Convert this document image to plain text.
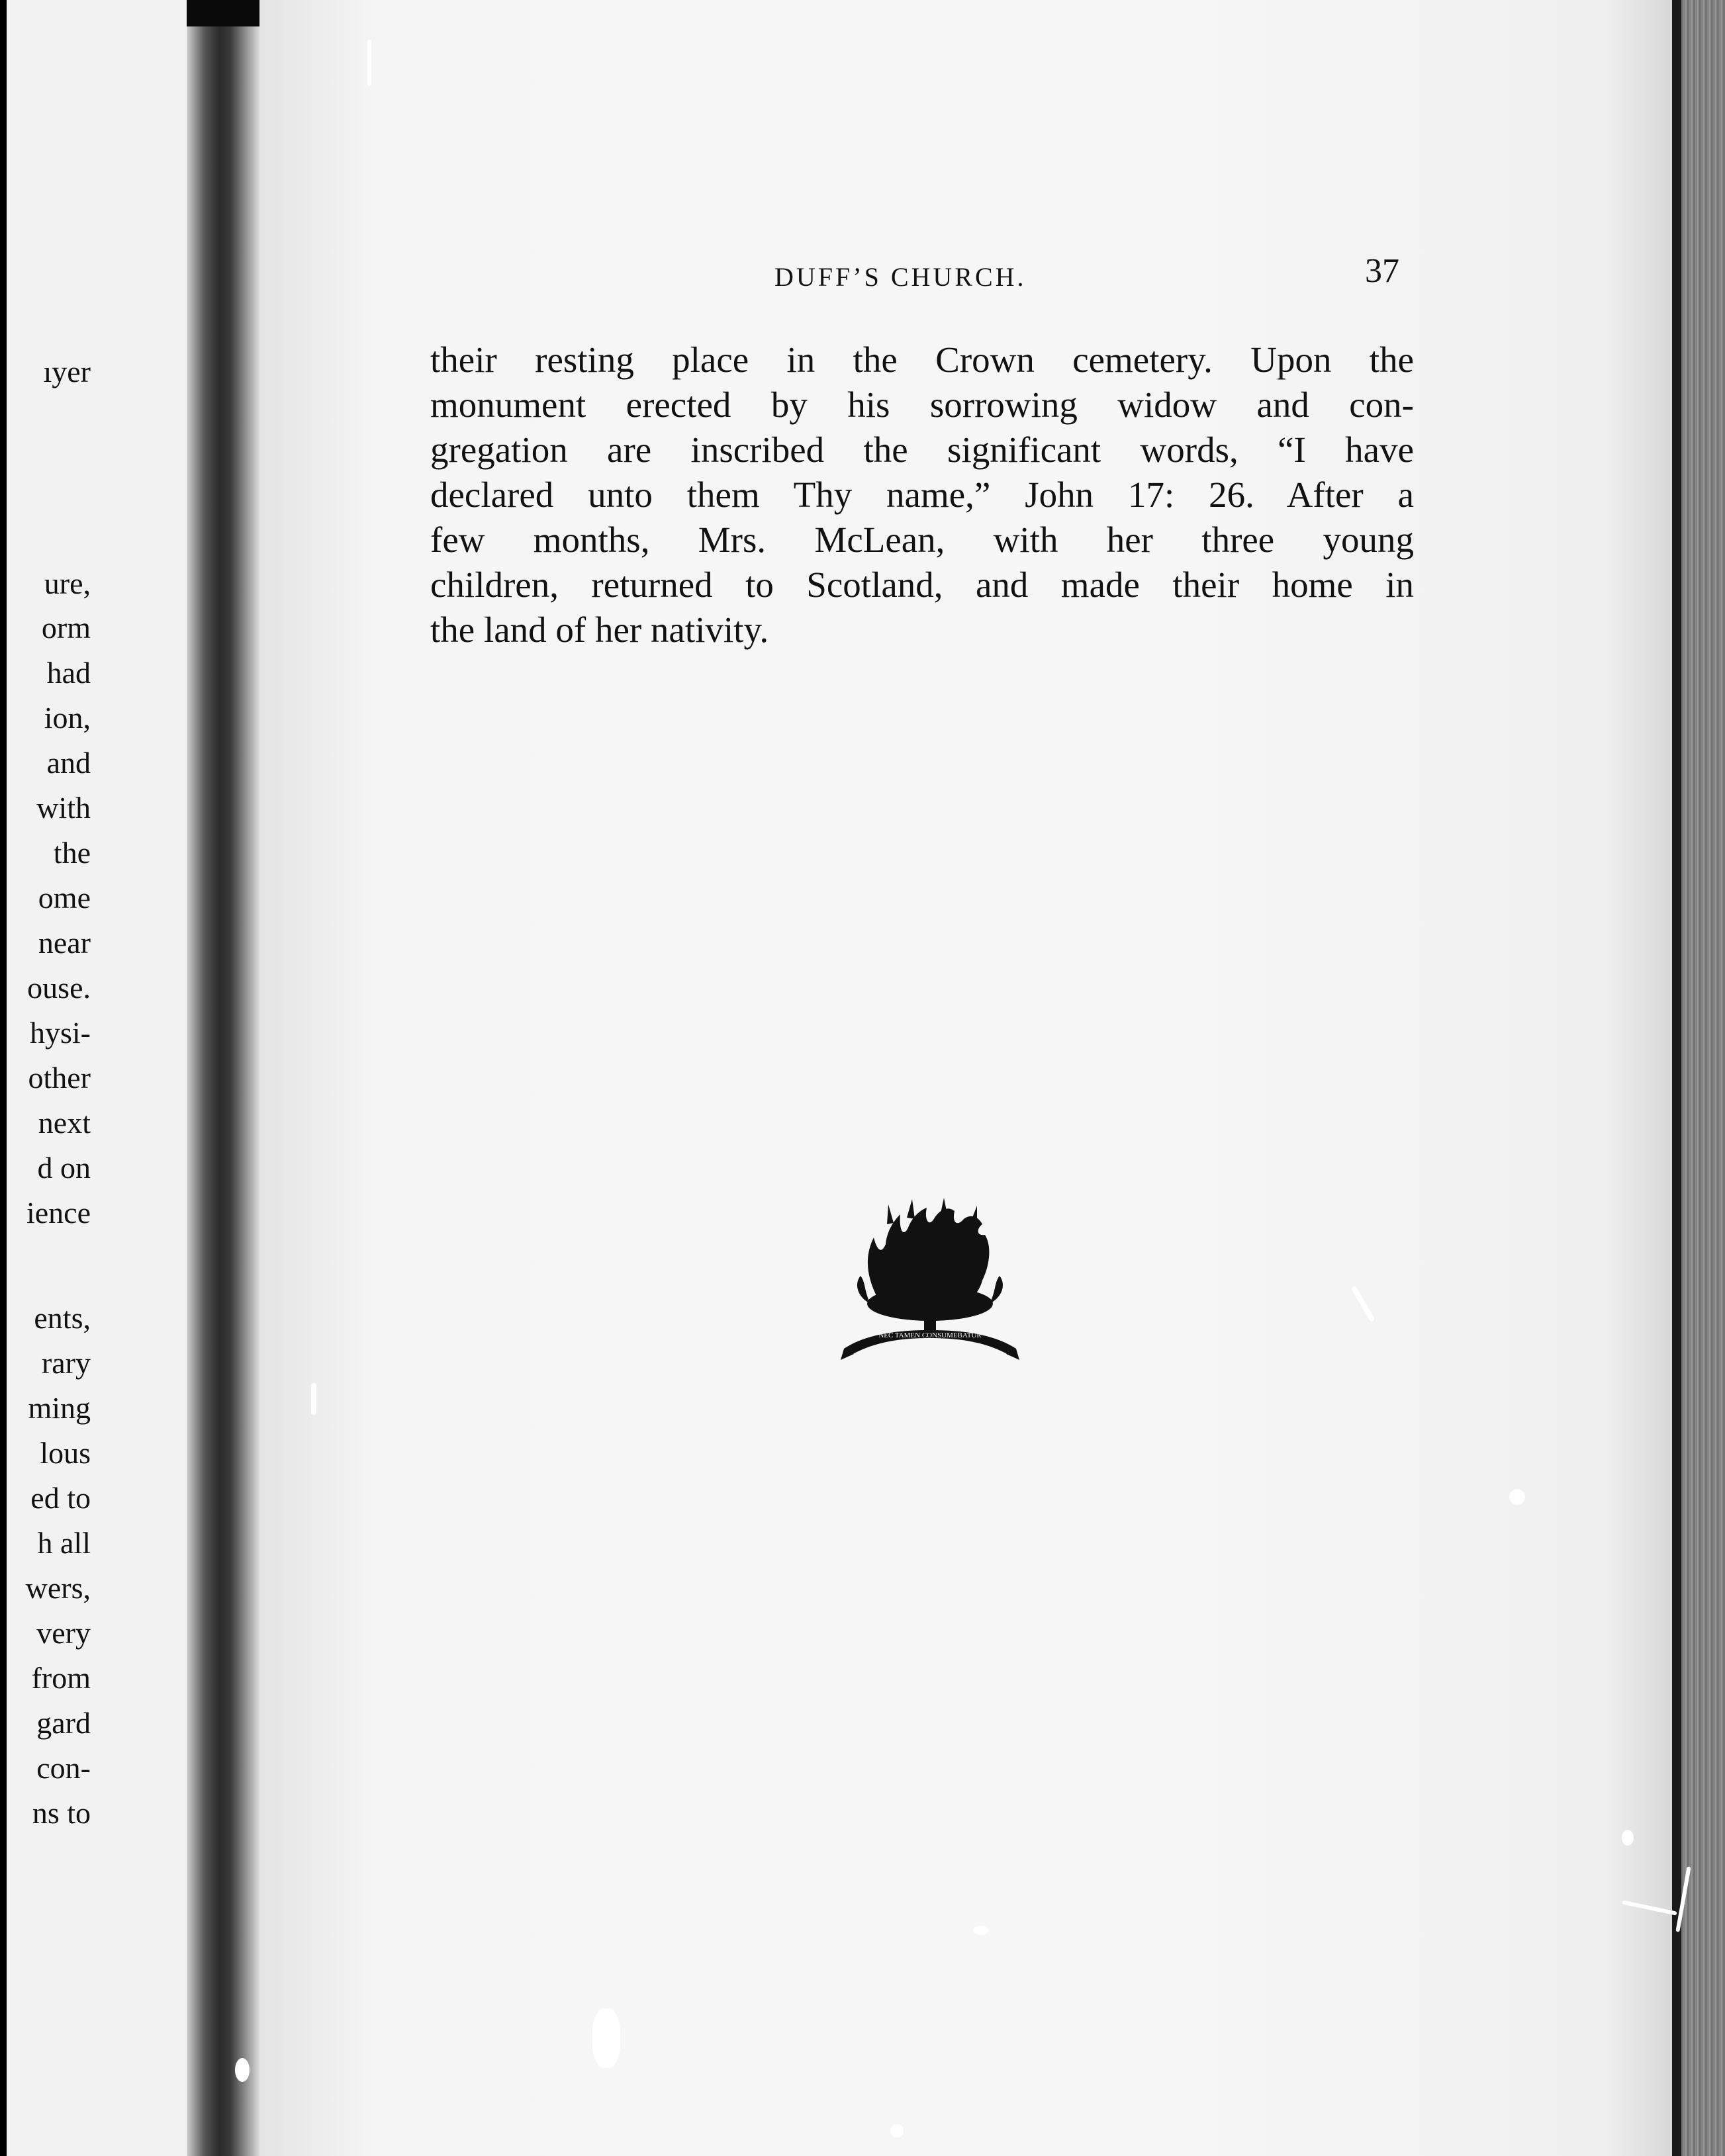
ıyer
ure,
orm
had
ion,
and
with
the
ome
near
ouse.
hysi-
other
next
d on
ience
ents,
rary
ming
lous
ed to
h all
wers,
very
from
gard
con-
ns to
DUFF’S CHURCH.	37
their resting place in the Crown cemetery. Upon the
monument erected by his sorrowing widow and con-
gregation are inscribed the significant words, “I have
declared unto them Thy name,” John 17: 26. After a
few months, Mrs. McLean, with her three young
children, returned to Scotland, and made their home in
the land of her nativity.
NEC TAMEN CONSUMEBATUR
